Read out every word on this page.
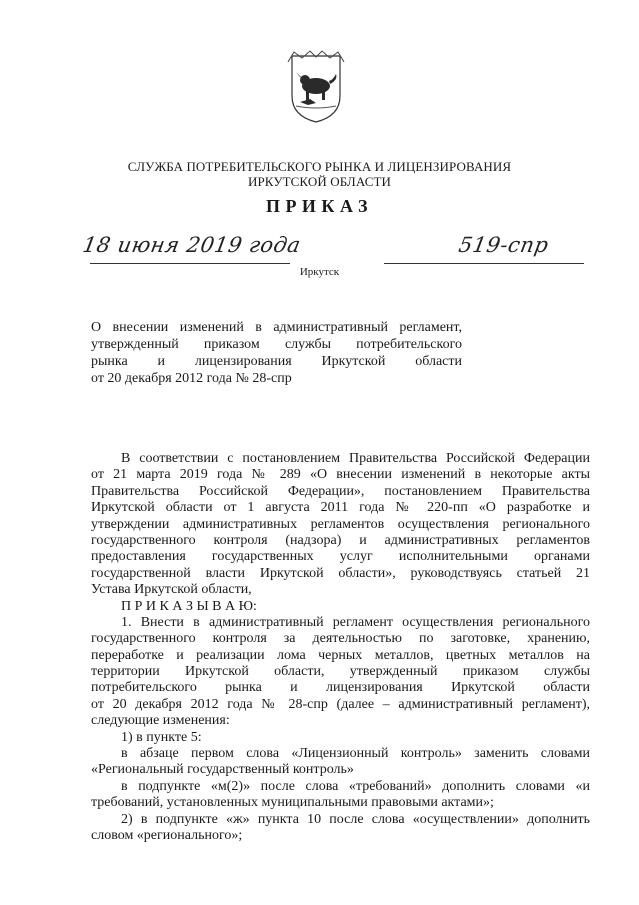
СЛУЖБА ПОТРЕБИТЕЛЬСКОГО РЫНКА И ЛИЦЕНЗИРОВАНИЯ
ИРКУТСКОЙ ОБЛАСТИ
ПРИКАЗ
18 июня 2019 года	519-спр
Иркутск
О внесении изменений в административный регламент,
утвержденный приказом службы потребительского
рынка и лицензирования Иркутской области
от 20 декабря 2012 года № 28-спр
В соответствии с постановлением Правительства Российской Федерации
от 21 марта 2019 года № 289 «О внесении изменений в некоторые акты
Правительства Российской Федерации», постановлением Правительства
Иркутской области от 1 августа 2011 года № 220-пп «О разработке и
утверждении административных регламентов осуществления регионального
государственного контроля (надзора) и административных регламентов
предоставления государственных услуг исполнительными органами
государственной власти Иркутской области», руководствуясь статьей 21
Устава Иркутской области,
П Р И К А З Ы В А Ю:
1. Внести в административный регламент осуществления регионального
государственного контроля за деятельностью по заготовке, хранению,
переработке и реализации лома черных металлов, цветных металлов на
территории Иркутской области, утвержденный приказом службы
потребительского рынка и лицензирования Иркутской области
от 20 декабря 2012 года № 28-спр (далее – административный регламент),
следующие изменения:
1) в пункте 5:
в абзаце первом слова «Лицензионный контроль» заменить словами
«Региональный государственный контроль»
в подпункте «м(2)» после слова «требований» дополнить словами «и
требований, установленных муниципальными правовыми актами»;
2) в подпункте «ж» пункта 10 после слова «осуществлении» дополнить
словом «регионального»;
